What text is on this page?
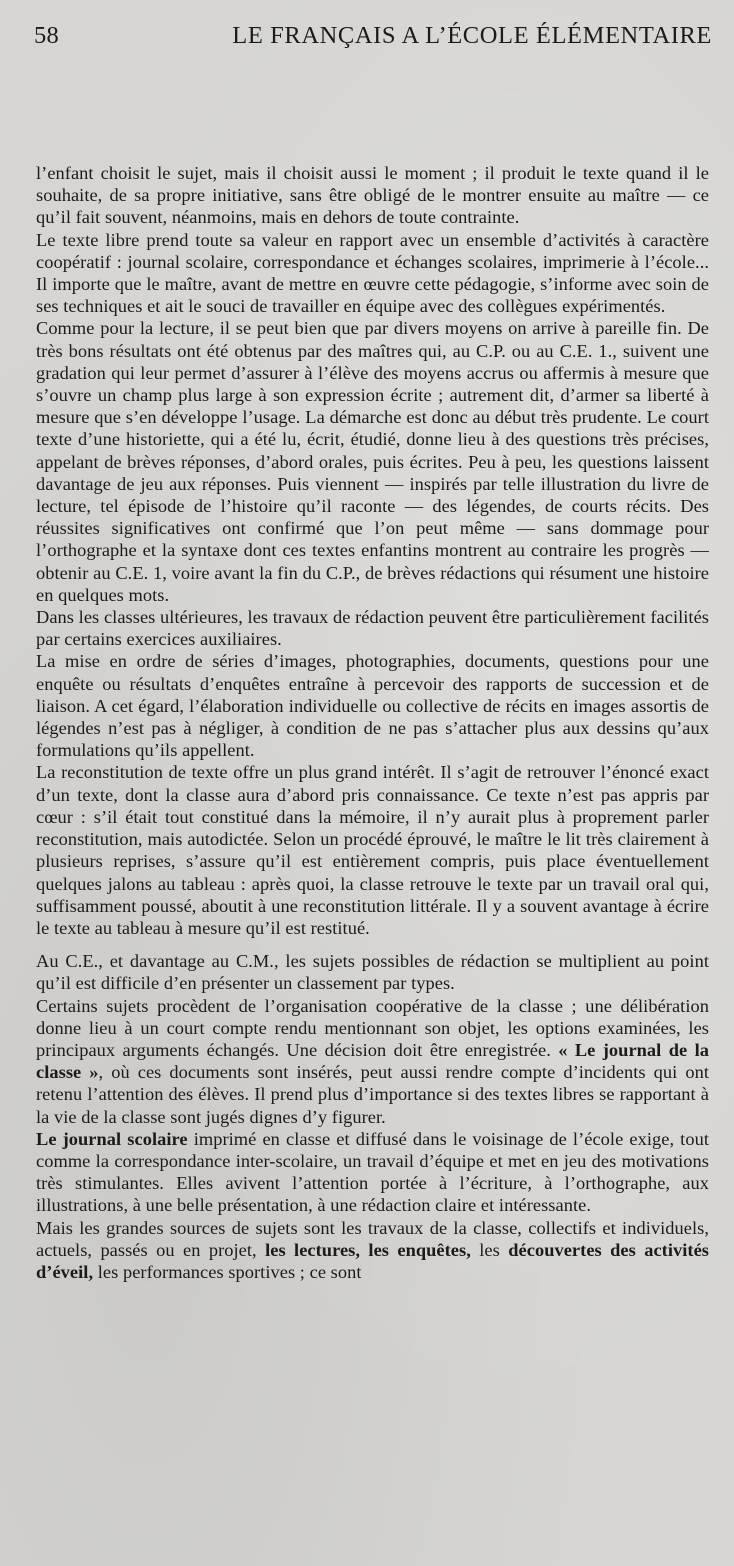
58	LE FRANÇAIS A L’ÉCOLE ÉLÉMENTAIRE

l’enfant choisit le sujet, mais il choisit aussi le moment ; il produit le texte quand il le souhaite, de sa propre initiative, sans être obligé de le montrer ensuite au maître — ce qu’il fait souvent, néanmoins, mais en dehors de toute contrainte.

Le texte libre prend toute sa valeur en rapport avec un ensemble d’activités à caractère coopératif : journal scolaire, correspondance et échanges scolaires, imprimerie à l’école... Il importe que le maître, avant de mettre en œuvre cette pédagogie, s’informe avec soin de ses techniques et ait le souci de travailler en équipe avec des collègues expérimentés.

Comme pour la lecture, il se peut bien que par divers moyens on arrive à pareille fin. De très bons résultats ont été obtenus par des maîtres qui, au C.P. ou au C.E. 1., suivent une gradation qui leur permet d’assurer à l’élève des moyens accrus ou affermis à mesure que s’ouvre un champ plus large à son expression écrite ; autrement dit, d’armer sa liberté à mesure que s’en développe l’usage. La démarche est donc au début très prudente. Le court texte d’une historiette, qui a été lu, écrit, étudié, donne lieu à des questions très précises, appelant de brèves réponses, d’abord orales, puis écrites. Peu à peu, les questions laissent davantage de jeu aux réponses. Puis viennent — inspirés par telle illustration du livre de lecture, tel épisode de l’histoire qu’il raconte — des légendes, de courts récits. Des réussites significatives ont confirmé que l’on peut même — sans dommage pour l’orthographe et la syntaxe dont ces textes enfantins montrent au contraire les progrès — obtenir au C.E. 1, voire avant la fin du C.P., de brèves rédactions qui résument une histoire en quelques mots.

Dans les classes ultérieures, les travaux de rédaction peuvent être particulièrement facilités par certains exercices auxiliaires.

La mise en ordre de séries d’images, photographies, documents, questions pour une enquête ou résultats d’enquêtes entraîne à percevoir des rapports de succession et de liaison. A cet égard, l’élaboration individuelle ou collective de récits en images assortis de légendes n’est pas à négliger, à condition de ne pas s’attacher plus aux dessins qu’aux formulations qu’ils appellent.

La reconstitution de texte offre un plus grand intérêt. Il s’agit de retrouver l’énoncé exact d’un texte, dont la classe aura d’abord pris connaissance. Ce texte n’est pas appris par cœur : s’il était tout constitué dans la mémoire, il n’y aurait plus à proprement parler reconstitution, mais autodictée. Selon un procédé éprouvé, le maître le lit très clairement à plusieurs reprises, s’assure qu’il est entièrement compris, puis place éventuellement quelques jalons au tableau : après quoi, la classe retrouve le texte par un travail oral qui, suffisamment poussé, aboutit à une reconstitution littérale. Il y a souvent avantage à écrire le texte au tableau à mesure qu’il est restitué.

Au C.E., et davantage au C.M., les sujets possibles de rédaction se multiplient au point qu’il est difficile d’en présenter un classement par types.

Certains sujets procèdent de l’organisation coopérative de la classe ; une délibération donne lieu à un court compte rendu mentionnant son objet, les options examinées, les principaux arguments échangés. Une décision doit être enregistrée. « Le journal de la classe », où ces documents sont insérés, peut aussi rendre compte d’incidents qui ont retenu l’attention des élèves. Il prend plus d’importance si des textes libres se rapportant à la vie de la classe sont jugés dignes d’y figurer.

Le journal scolaire imprimé en classe et diffusé dans le voisinage de l’école exige, tout comme la correspondance inter-scolaire, un travail d’équipe et met en jeu des motivations très stimulantes. Elles avivent l’attention portée à l’écriture, à l’orthographe, aux illustrations, à une belle présentation, à une rédaction claire et intéressante.

Mais les grandes sources de sujets sont les travaux de la classe, collectifs et individuels, actuels, passés ou en projet, les lectures, les enquêtes, les découvertes des activités d’éveil, les performances sportives ; ce sont
